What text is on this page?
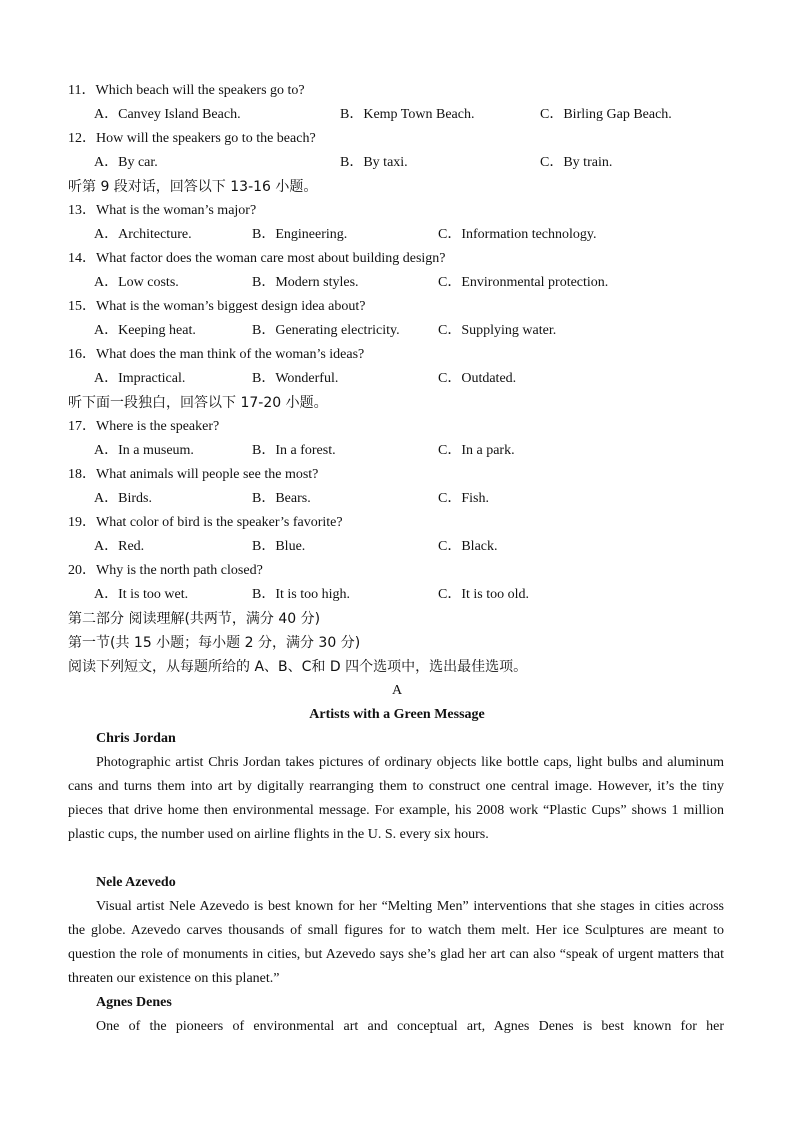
11．Which beach will the speakers go to?
A．Canvey Island Beach.	B．Kemp Town Beach.	C．Birling Gap Beach.
12．How will the speakers go to the beach?
A．By car.	B．By taxi.	C．By train.
听第 9 段对话，回答以下 13-16 小题。
13．What is the woman’s major?
A．Architecture.	B．Engineering.	C．Information technology.
14．What factor does the woman care most about building design?
A．Low costs.	B．Modern styles.	C．Environmental protection.
15．What is the woman’s biggest design idea about?
A．Keeping heat.	B．Generating electricity.	C．Supplying water.
16．What does the man think of the woman’s ideas?
A．Impractical.	B．Wonderful.	C．Outdated.
听下面一段独白，回答以下 17-20 小题。
17．Where is the speaker?
A．In a museum.	B．In a forest.	C．In a park.
18．What animals will people see the most?
A．Birds.	B．Bears.	C．Fish.
19．What color of bird is the speaker’s favorite?
A．Red.	B．Blue.	C．Black.
20．Why is the north path closed?
A．It is too wet.	B．It is too high.	C．It is too old.
第二部分 阅读理解(共两节，满分 40 分)
第一节(共 15 小题；每小题 2 分，满分 30 分)
阅读下列短文，从每题所给的 A、B、C和 D 四个选项中，选出最佳选项。
A
Artists with a Green Message
Chris Jordan
Photographic artist Chris Jordan takes pictures of ordinary objects like bottle caps, light bulbs and aluminum cans and turns them into art by digitally rearranging them to construct one central image. However, it’s the tiny pieces that drive home then environmental message. For example, his 2008 work “Plastic Cups” shows 1 million plastic cups, the number used on airline flights in the U. S. every six hours.
Nele Azevedo
Visual artist Nele Azevedo is best known for her “Melting Men” interventions that she stages in cities across the globe. Azevedo carves thousands of small figures for to watch them melt. Her ice Sculptures are meant to question the role of monuments in cities, but Azevedo says she’s glad her art can also “speak of urgent matters that threaten our existence on this planet.”
Agnes Denes
One of the pioneers of environmental art and conceptual art, Agnes Denes is best known for her
